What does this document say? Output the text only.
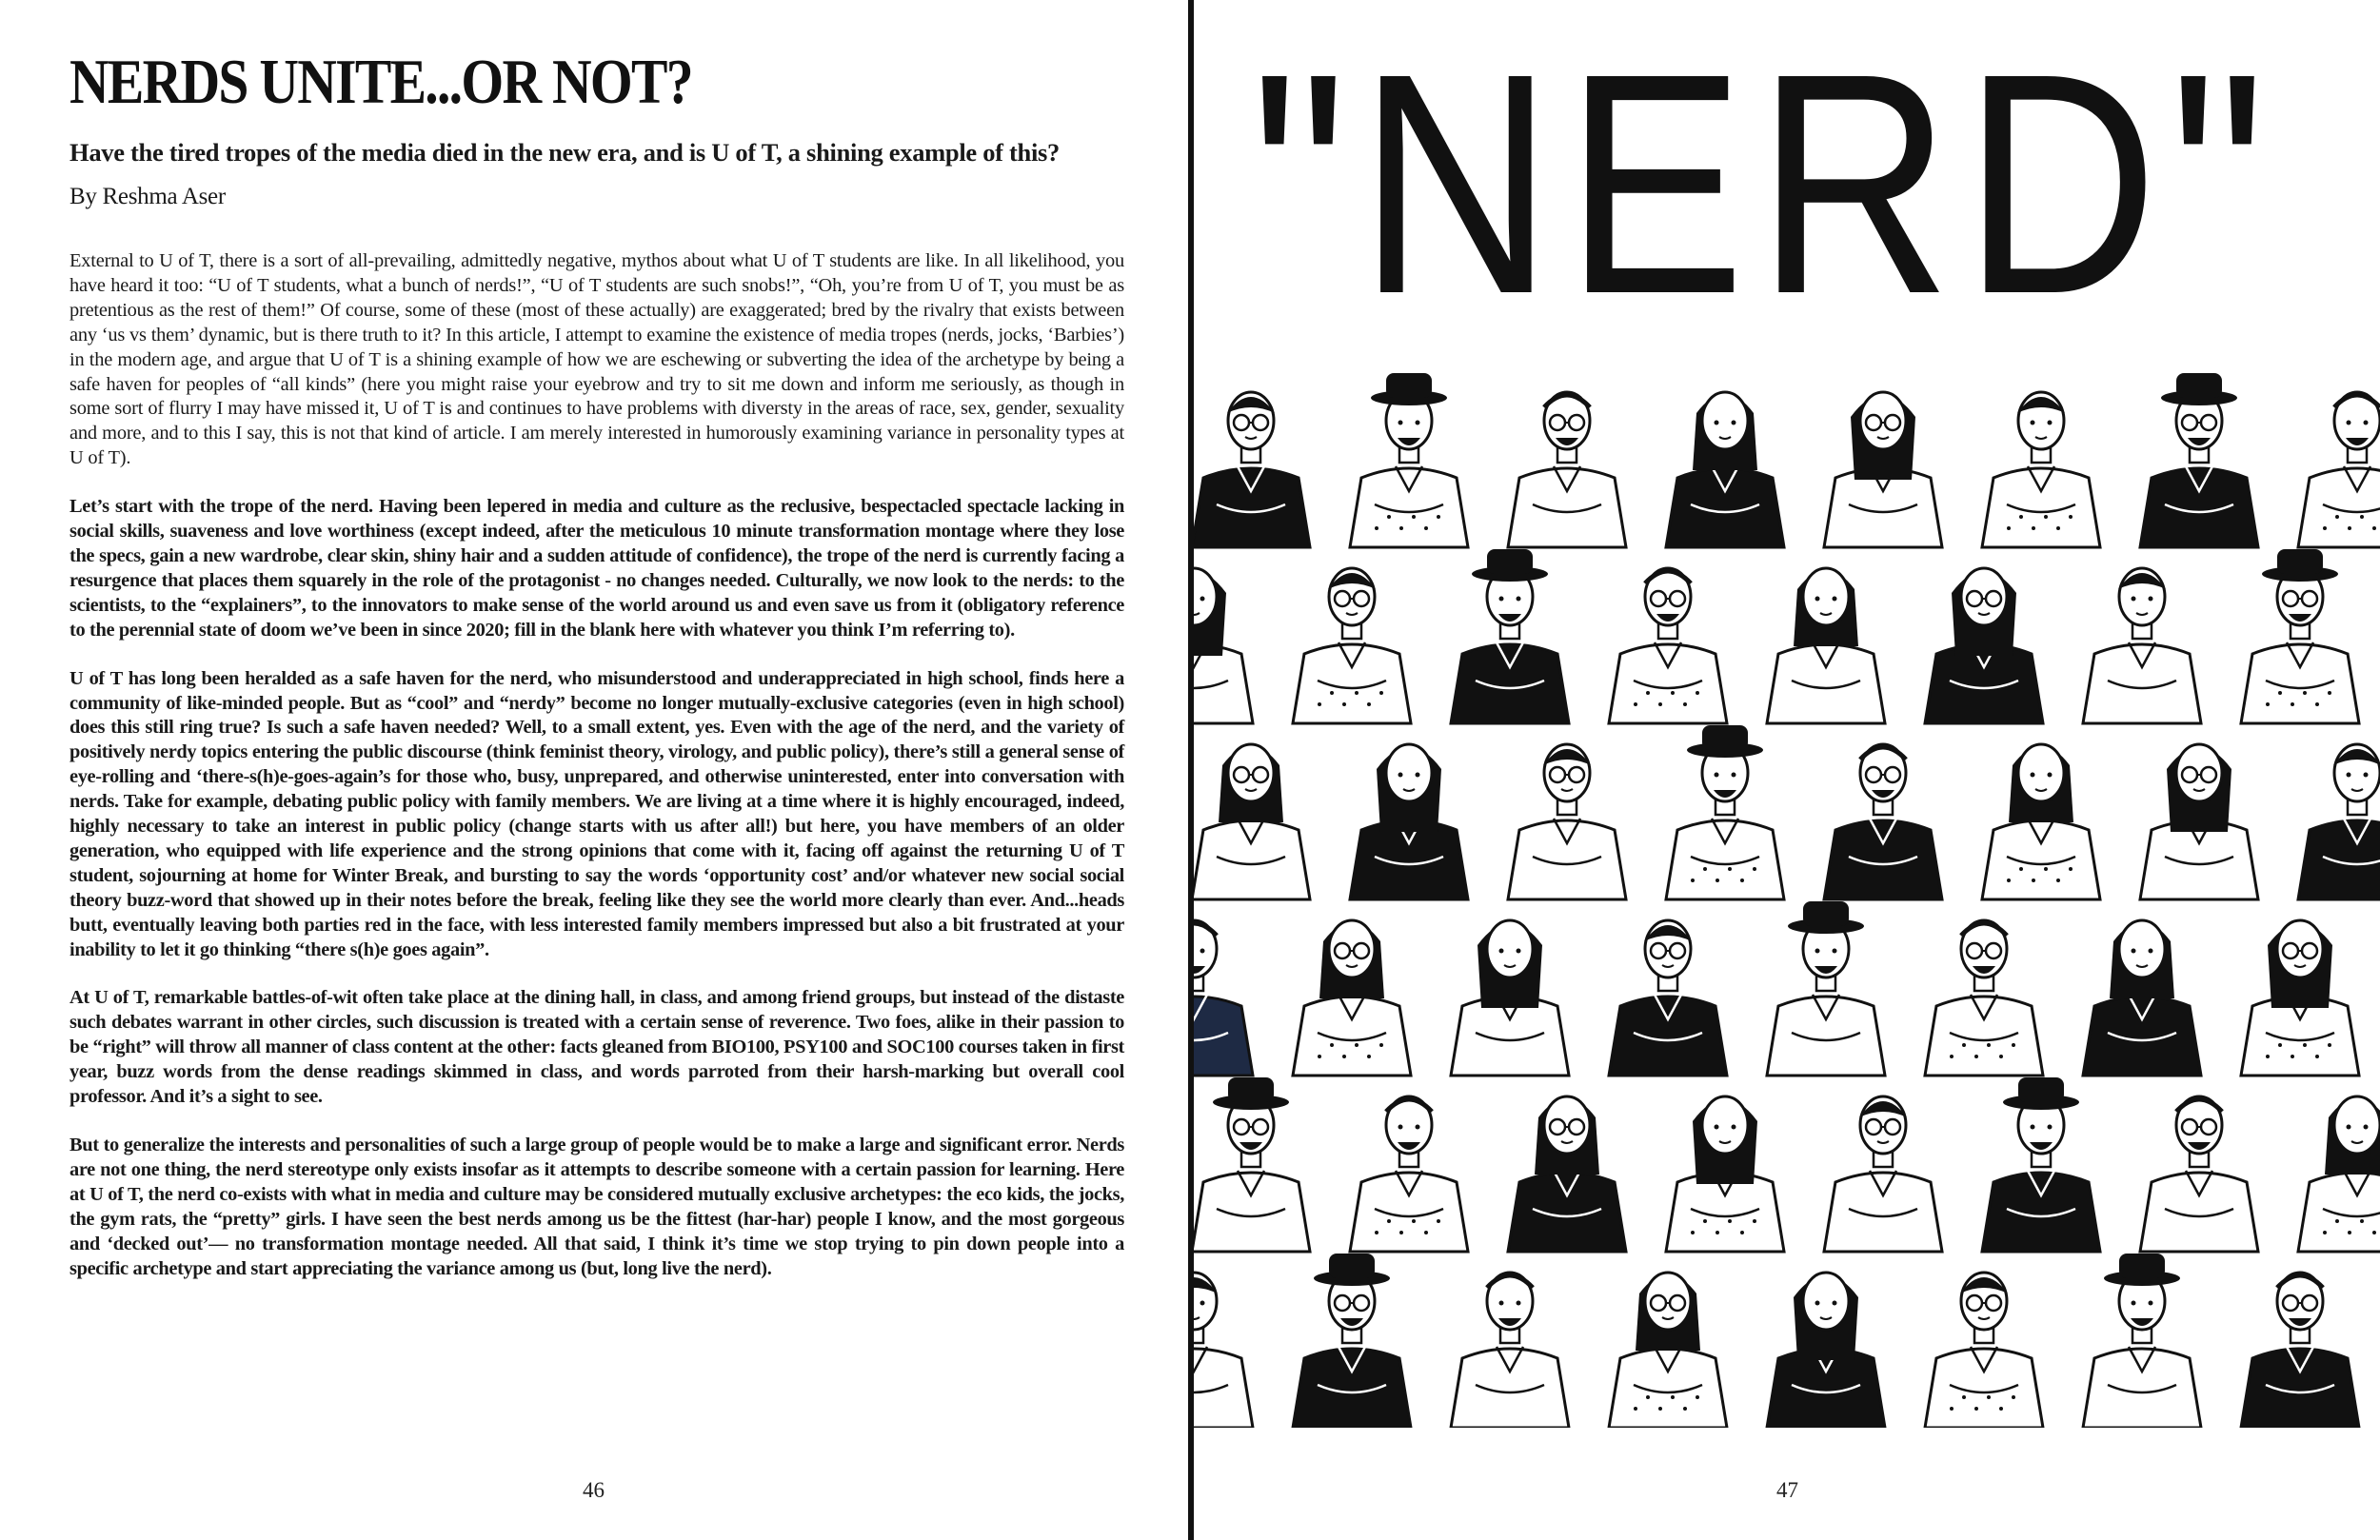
NERDS UNITE...OR NOT?
Have the tired tropes of the media died in the new era, and is U of T, a shining example of this?

By Reshma Aser

External to U of T, there is a sort of all-prevailing, admittedly negative, mythos about what U of T students are like. In all likelihood, you have heard it too: “U of T students, what a bunch of nerds!”, “U of T students are such snobs!”, “Oh, you’re from U of T, you must be as pretentious as the rest of them!” Of course, some of these (most of these actually) are exaggerated; bred by the rivalry that exists between any ‘us vs them’ dynamic, but is there truth to it? In this article, I attempt to examine the existence of media tropes (nerds, jocks, ‘Barbies’) in the modern age, and argue that U of T is a shining example of how we are eschewing or subverting the idea of the archetype by being a safe haven for peoples of “all kinds” (here you might raise your eyebrow and try to sit me down and inform me seriously, as though in some sort of flurry I may have missed it, U of T is and continues to have problems with diversty in the areas of race, sex, gender, sexuality and more, and to this I say, this is not that kind of article. I am merely interested in humorously examining variance in personality types at U of T).

Let’s start with the trope of the nerd. Having been lepered in media and culture as the reclusive, bespectacled spectacle lacking in social skills, suaveness and love worthiness (except indeed, after the meticulous 10 minute transformation montage where they lose the specs, gain a new wardrobe, clear skin, shiny hair and a sudden attitude of confidence), the trope of the nerd is currently facing a resurgence that places them squarely in the role of the protagonist - no changes needed. Culturally, we now look to the nerds: to the scientists, to the “explainers”, to the innovators to make sense of the world around us and even save us from it (obligatory reference to the perennial state of doom we’ve been in since 2020; fill in the blank here with whatever you think I’m referring to).

U of T has long been heralded as a safe haven for the nerd, who misunderstood and underappreciated in high school, finds here a community of like-minded people. But as “cool” and “nerdy” become no longer mutually-exclusive categories (even in high school) does this still ring true? Is such a safe haven needed? Well, to a small extent, yes. Even with the age of the nerd, and the variety of positively nerdy topics entering the public discourse (think feminist theory, virology, and public policy), there’s still a general sense of eye-rolling and ‘there-s(h)e-goes-again’s for those who, busy, unprepared, and otherwise uninterested, enter into conversation with nerds. Take for example, debating public policy with family members. We are living at a time where it is highly encouraged, indeed, highly necessary to take an interest in public policy (change starts with us after all!) but here, you have members of an older generation, who equipped with life experience and the strong opinions that come with it, facing off against the returning U of T student, sojourning at home for Winter Break, and bursting to say the words ‘opportunity cost’ and/or whatever new social social theory buzz-word that showed up in their notes before the break, feeling like they see the world more clearly than ever. And...heads butt, eventually leaving both parties red in the face, with less interested family members impressed but also a bit frustrated at your inability to let it go thinking “there s(h)e goes again”.

At U of T, remarkable battles-of-wit often take place at the dining hall, in class, and among friend groups, but instead of the distaste such debates warrant in other circles, such discussion is treated with a certain sense of reverence. Two foes, alike in their passion to be “right” will throw all manner of class content at the other: facts gleaned from BIO100, PSY100 and SOC100 courses taken in first year, buzz words from the dense readings skimmed in class, and words parroted from their harsh-marking but overall cool professor. And it’s a sight to see.

But to generalize the interests and personalities of such a large group of people would be to make a large and significant error. Nerds are not one thing, the nerd stereotype only exists insofar as it attempts to describe someone with a certain passion for learning. Here at U of T, the nerd co-exists with what in media and culture may be considered mutually exclusive archetypes: the eco kids, the jocks, the gym rats, the “pretty” girls. I have seen the best nerds among us be the fittest (har-har) people I know, and the most gorgeous and ‘decked out’— no transformation montage needed. All that said, I think it’s time we stop trying to pin down people into a specific archetype and start appreciating the variance among us (but, long live the nerd).

46
"NERD"
47
